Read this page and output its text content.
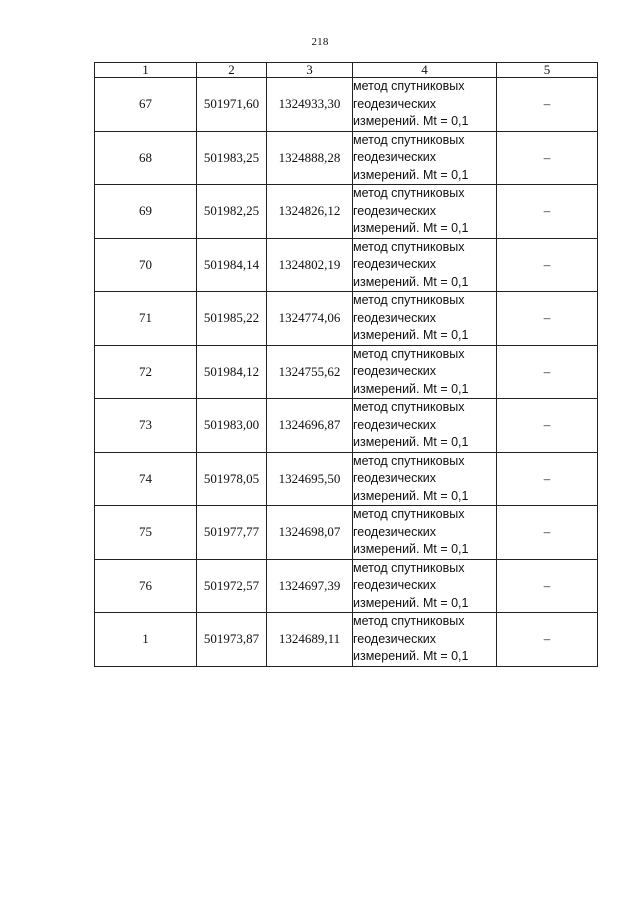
218
1	2	3	4	5
67	501971,60	1324933,30	метод спутниковых
геодезических
измерений. Mt = 0,1	–
68	501983,25	1324888,28	метод спутниковых
геодезических
измерений. Mt = 0,1	–
69	501982,25	1324826,12	метод спутниковых
геодезических
измерений. Mt = 0,1	–
70	501984,14	1324802,19	метод спутниковых
геодезических
измерений. Mt = 0,1	–
71	501985,22	1324774,06	метод спутниковых
геодезических
измерений. Mt = 0,1	–
72	501984,12	1324755,62	метод спутниковых
геодезических
измерений. Mt = 0,1	–
73	501983,00	1324696,87	метод спутниковых
геодезических
измерений. Mt = 0,1	–
74	501978,05	1324695,50	метод спутниковых
геодезических
измерений. Mt = 0,1	–
75	501977,77	1324698,07	метод спутниковых
геодезических
измерений. Mt = 0,1	–
76	501972,57	1324697,39	метод спутниковых
геодезических
измерений. Mt = 0,1	–
1	501973,87	1324689,11	метод спутниковых
геодезических
измерений. Mt = 0,1	–
